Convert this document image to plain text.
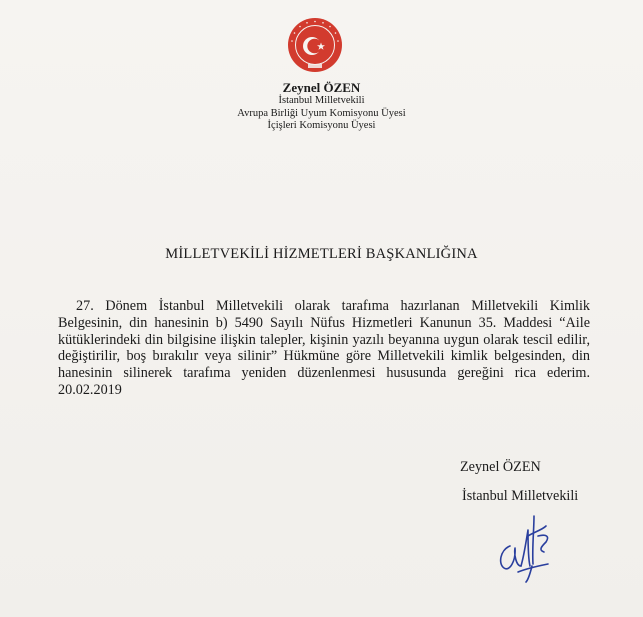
Zeynel ÖZEN
İstanbul Milletvekili
Avrupa Birliği Uyum Komisyonu Üyesi
İçişleri Komisyonu Üyesi
MİLLETVEKİLİ HİZMETLERİ BAŞKANLIĞINA
27. Dönem İstanbul Milletvekili olarak tarafıma hazırlanan Milletvekili Kimlik Belgesinin, din hanesinin b) 5490 Sayılı Nüfus Hizmetleri Kanunun 35. Maddesi “Aile kütüklerindeki din bilgisine ilişkin talepler, kişinin yazılı beyanına uygun olarak tescil edilir, değiştirilir, boş bırakılır veya silinir” Hükmüne göre Milletvekili kimlik belgesinden, din hanesinin silinerek tarafıma yeniden düzenlenmesi hususunda gereğini rica ederim. 20.02.2019
Zeynel ÖZEN
İstanbul Milletvekili
